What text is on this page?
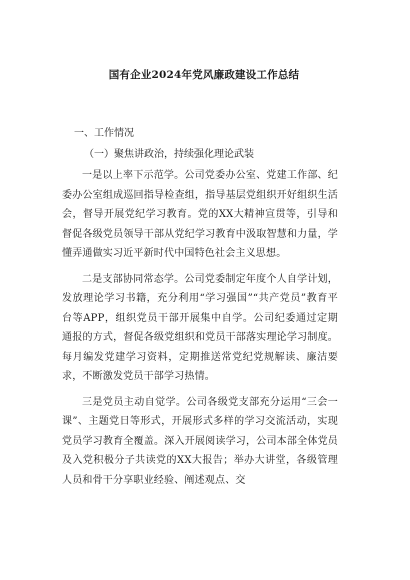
国有企业2024年党风廉政建设工作总结
一、工作情况
（一）聚焦讲政治，持续强化理论武装

一是以上率下示范学。公司党委办公室、党建工作部、纪委办公室组成巡回指导检查组，指导基层党组织开好组织生活会，督导开展党纪学习教育。党的XX大精神宣贯等，引导和督促各级党员领导干部从党纪学习教育中汲取智慧和力量，学懂弄通做实习近平新时代中国特色社会主义思想。

二是支部协同常态学。公司党委制定年度个人自学计划，发放理论学习书籍，充分利用“学习强国”“共产党员”教育平台等APP，组织党员干部开展集中自学。公司纪委通过定期通报的方式，督促各级党组织和党员干部落实理论学习制度。每月编发党建学习资料，定期推送常党纪党规解读、廉洁要求，不断激发党员干部学习热情。

三是党员主动自觉学。公司各级党支部充分运用“三会一课”、主题党日等形式，开展形式多样的学习交流活动，实现党员学习教育全覆盖。深入开展阅读学习，公司本部全体党员及入党积极分子共读党的XX大报告；举办大讲堂，各级管理人员和骨干分享职业经验、阐述观点、交
